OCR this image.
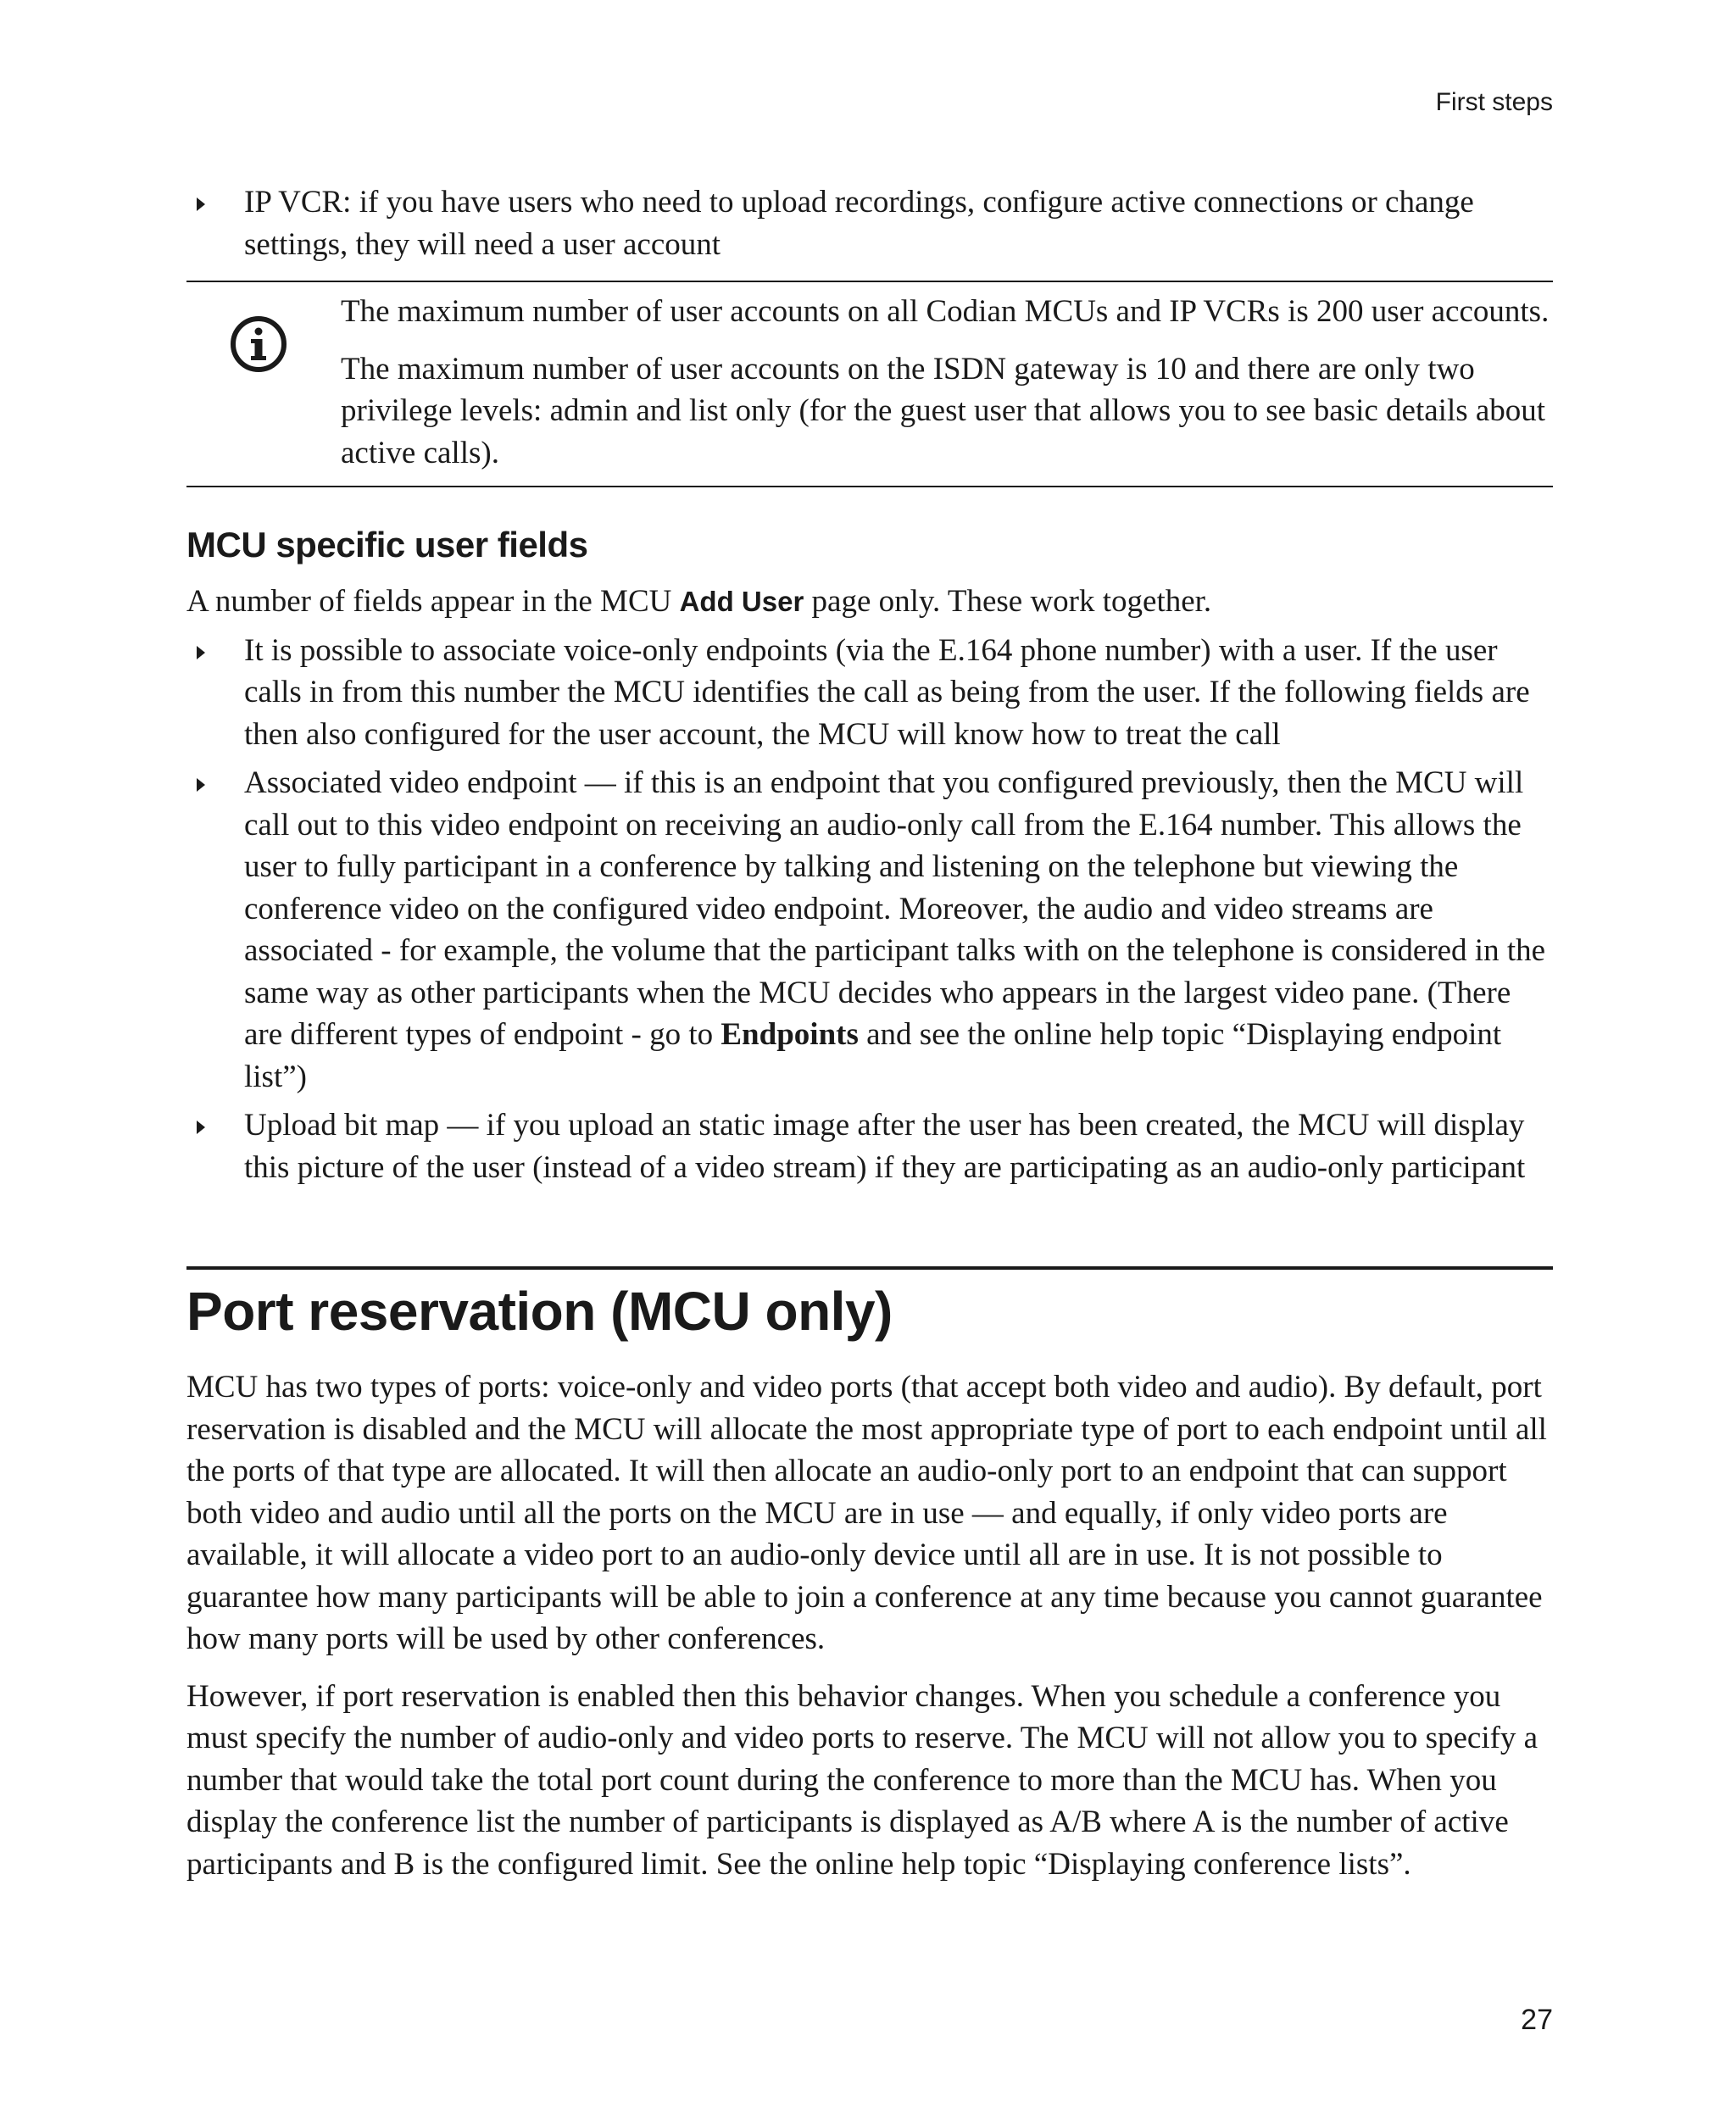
First steps
IP VCR: if you have users who need to upload recordings, configure active connections or change settings, they will need a user account

The maximum number of user accounts on all Codian MCUs and IP VCRs is 200 user accounts.

The maximum number of user accounts on the ISDN gateway is 10 and there are only two privilege levels: admin and list only (for the guest user that allows you to see basic details about active calls).

MCU specific user fields

A number of fields appear in the MCU Add User page only. These work together.

It is possible to associate voice-only endpoints (via the E.164 phone number) with a user. If the user calls in from this number the MCU identifies the call as being from the user. If the following fields are then also configured for the user account, the MCU will know how to treat the call
Associated video endpoint — if this is an endpoint that you configured previously, then the MCU will call out to this video endpoint on receiving an audio-only call from the E.164 number. This allows the user to fully participant in a conference by talking and listening on the telephone but viewing the conference video on the configured video endpoint. Moreover, the audio and video streams are associated - for example, the volume that the participant talks with on the telephone is considered in the same way as other participants when the MCU decides who appears in the largest video pane. (There are different types of endpoint - go to Endpoints and see the online help topic “Displaying endpoint list”)
Upload bit map — if you upload an static image after the user has been created, the MCU will display this picture of the user (instead of a video stream) if they are participating as an audio-only participant
Port reservation (MCU only)

MCU has two types of ports: voice-only and video ports (that accept both video and audio). By default, port reservation is disabled and the MCU will allocate the most appropriate type of port to each endpoint until all the ports of that type are allocated. It will then allocate an audio-only port to an endpoint that can support both video and audio until all the ports on the MCU are in use — and equally, if only video ports are available, it will allocate a video port to an audio-only device until all are in use. It is not possible to guarantee how many participants will be able to join a conference at any time because you cannot guarantee how many ports will be used by other conferences.

However, if port reservation is enabled then this behavior changes. When you schedule a conference you must specify the number of audio-only and video ports to reserve. The MCU will not allow you to specify a number that would take the total port count during the conference to more than the MCU has. When you display the conference list the number of participants is displayed as A/B where A is the number of active participants and B is the configured limit. See the online help topic “Displaying conference lists”.

27
